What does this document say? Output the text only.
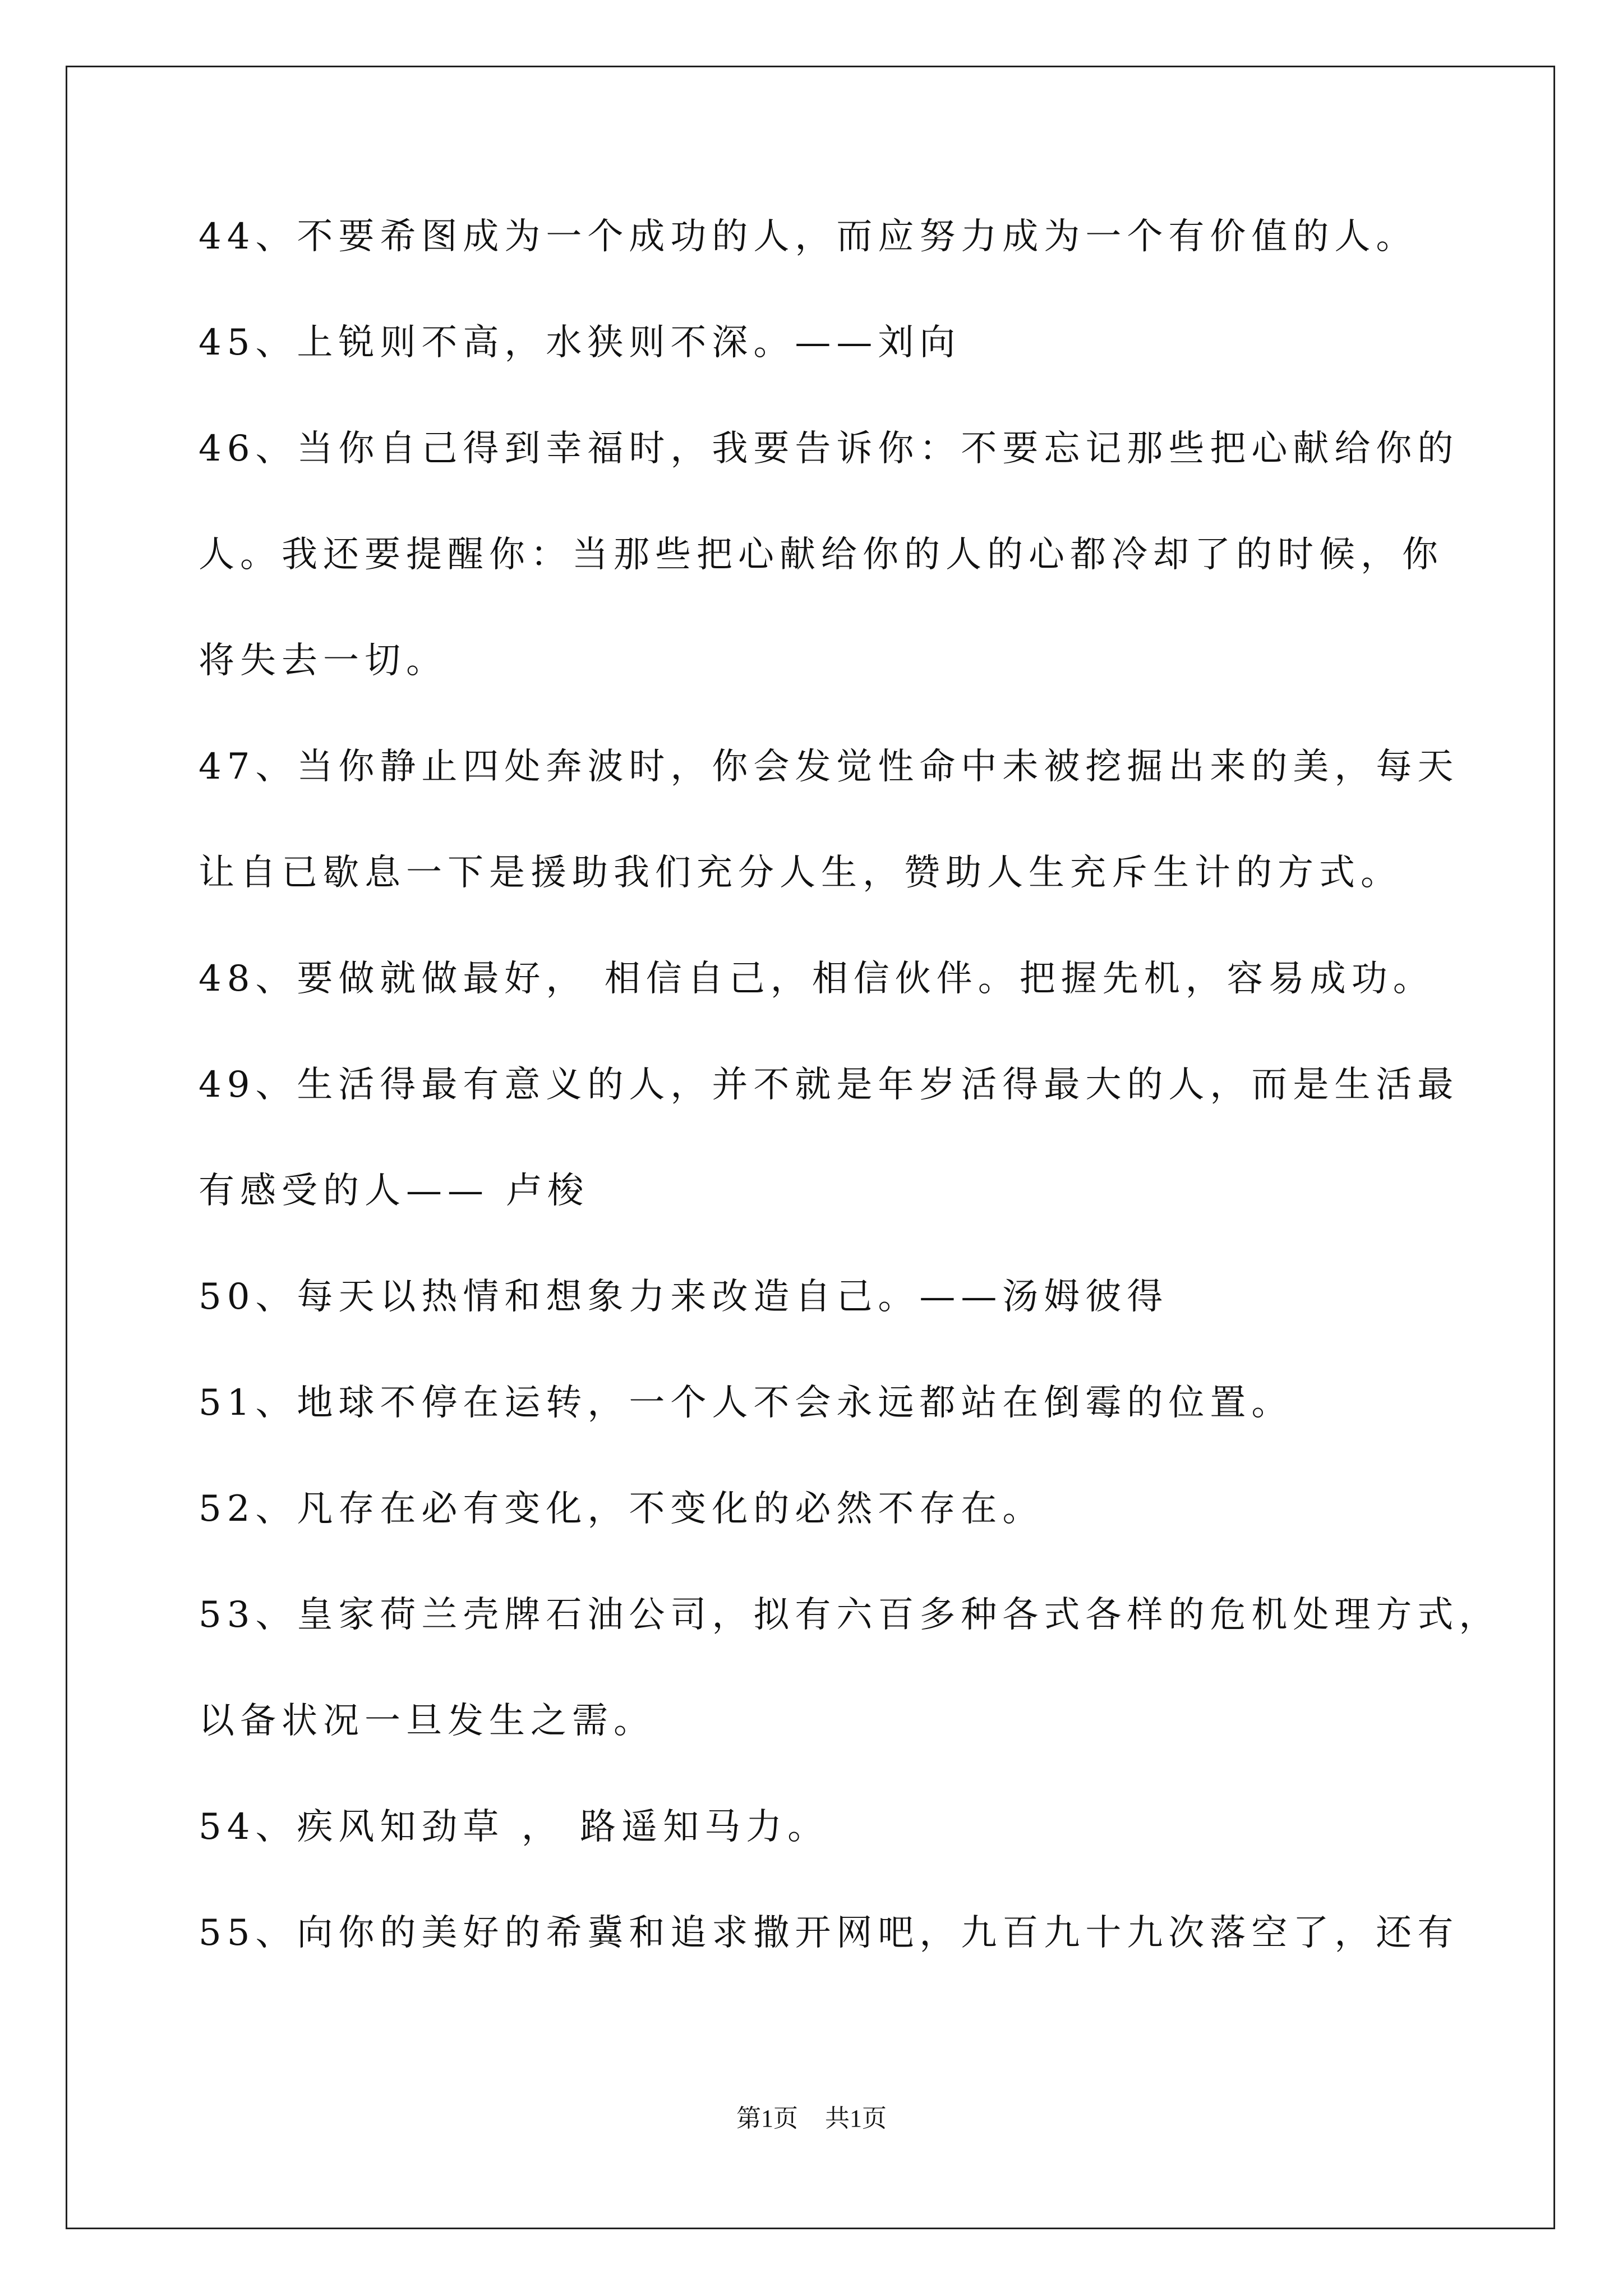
44、不要希图成为一个成功的人，而应努力成为一个有价值的人。
45、上锐则不高，水狭则不深。——刘向
46、当你自己得到幸福时，我要告诉你：不要忘记那些把心献给你的
人。我还要提醒你：当那些把心献给你的人的心都冷却了的时候，你
将失去一切。
47、当你静止四处奔波时，你会发觉性命中未被挖掘出来的美，每天
让自已歇息一下是援助我们充分人生，赞助人生充斥生计的方式。
48、要做就做最好， 相信自己，相信伙伴。把握先机，容易成功。
49、生活得最有意义的人，并不就是年岁活得最大的人，而是生活最
有感受的人—— 卢梭
50、每天以热情和想象力来改造自己。——汤姆彼得
51、地球不停在运转，一个人不会永远都站在倒霉的位置。
52、凡存在必有变化，不变化的必然不存在。
53、皇家荷兰壳牌石油公司，拟有六百多种各式各样的危机处理方式，
以备状况一旦发生之需。
54、疾风知劲草 ， 路遥知马力。
55、向你的美好的希冀和追求撒开网吧，九百九十九次落空了，还有
第1页 共1页
